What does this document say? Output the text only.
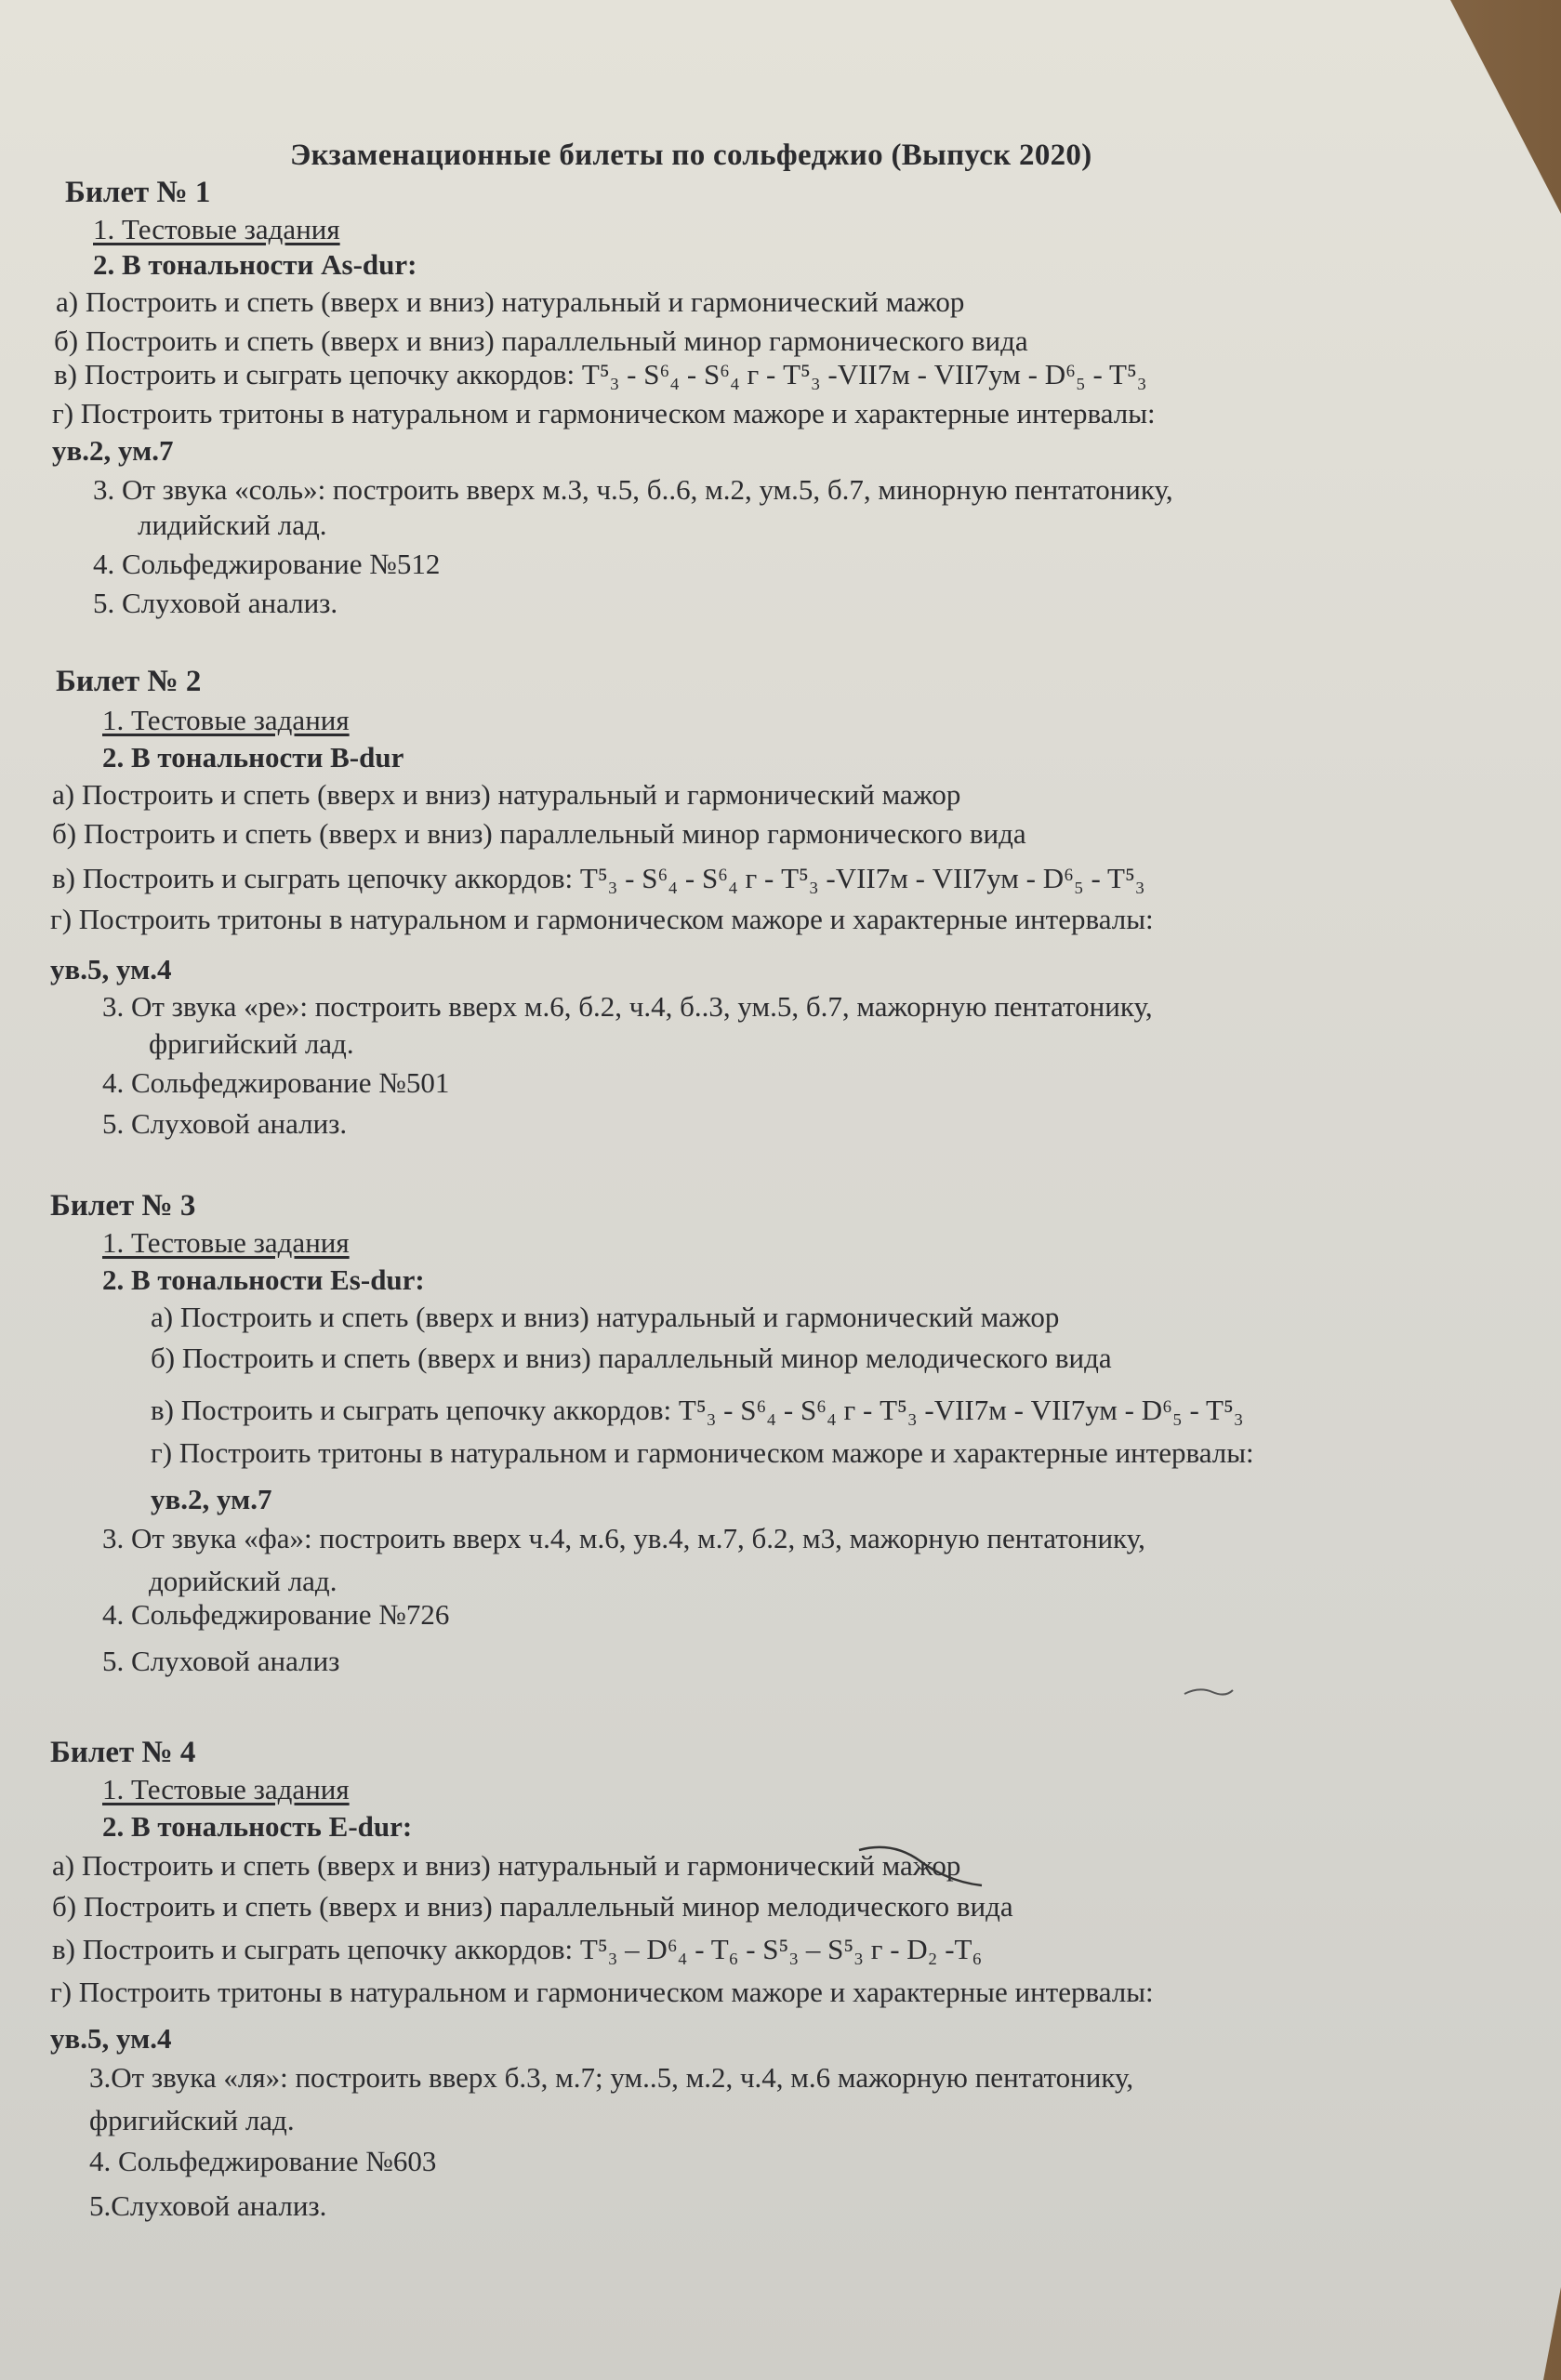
Экзаменационные билеты по сольфеджио (Выпуск 2020)
Билет № 1
1. Тестовые задания
2. В тональности As-dur:
а) Построить и спеть (вверх и вниз) натуральный и гармонический мажор
б) Построить и спеть (вверх и вниз) параллельный минор гармонического вида
в) Построить и сыграть цепочку аккордов: T⁵₃ - S⁶₄ - S⁶₄ г - T⁵₃ -VII7м - VII7ум - D⁶₅ - T⁵₃
г) Построить тритоны в натуральном и гармоническом мажоре и характерные интервалы:
ув.2, ум.7
3. От звука «соль»: построить вверх м.3, ч.5, б..6, м.2, ум.5, б.7, минорную пентатонику,
лидийский лад.
4. Сольфеджирование №512
5. Слуховой анализ.
Билет № 2
1. Тестовые задания
2. В тональности B-dur
а) Построить и спеть (вверх и вниз) натуральный и гармонический мажор
б) Построить и спеть (вверх и вниз) параллельный минор гармонического вида
в) Построить и сыграть цепочку аккордов: T⁵₃ - S⁶₄ - S⁶₄ г - T⁵₃ -VII7м - VII7ум - D⁶₅ - T⁵₃
г) Построить тритоны в натуральном и гармоническом мажоре и характерные интервалы:
ув.5, ум.4
3. От звука «ре»: построить вверх м.6, б.2, ч.4, б..3, ум.5, б.7, мажорную пентатонику,
фригийский лад.
4. Сольфеджирование №501
5. Слуховой анализ.
Билет № 3
1. Тестовые задания
2. В тональности Es-dur:
а) Построить и спеть (вверх и вниз) натуральный и гармонический мажор
б) Построить и спеть (вверх и вниз) параллельный минор мелодического вида
в) Построить и сыграть цепочку аккордов: T⁵₃ - S⁶₄ - S⁶₄ г - T⁵₃ -VII7м - VII7ум - D⁶₅ - T⁵₃
г) Построить тритоны в натуральном и гармоническом мажоре и характерные интервалы:
ув.2, ум.7
3. От звука «фа»: построить вверх ч.4, м.6, ув.4, м.7, б.2, м3, мажорную пентатонику,
дорийский лад.
4. Сольфеджирование №726
5. Слуховой анализ
Билет № 4
1. Тестовые задания
2. В тональность E-dur:
а) Построить и спеть (вверх и вниз) натуральный и гармонический мажор
б) Построить и спеть (вверх и вниз) параллельный минор мелодического вида
в) Построить и сыграть цепочку аккордов: T⁵₃ – D⁶₄ - T₆ - S⁵₃ – S⁵₃ г - D₂ -T₆
г) Построить тритоны в натуральном и гармоническом мажоре и характерные интервалы:
ув.5, ум.4
3.От звука «ля»: построить вверх б.3, м.7; ум..5, м.2, ч.4, м.6 мажорную пентатонику,
фригийский лад.
4. Сольфеджирование №603
5.Слуховой анализ.
